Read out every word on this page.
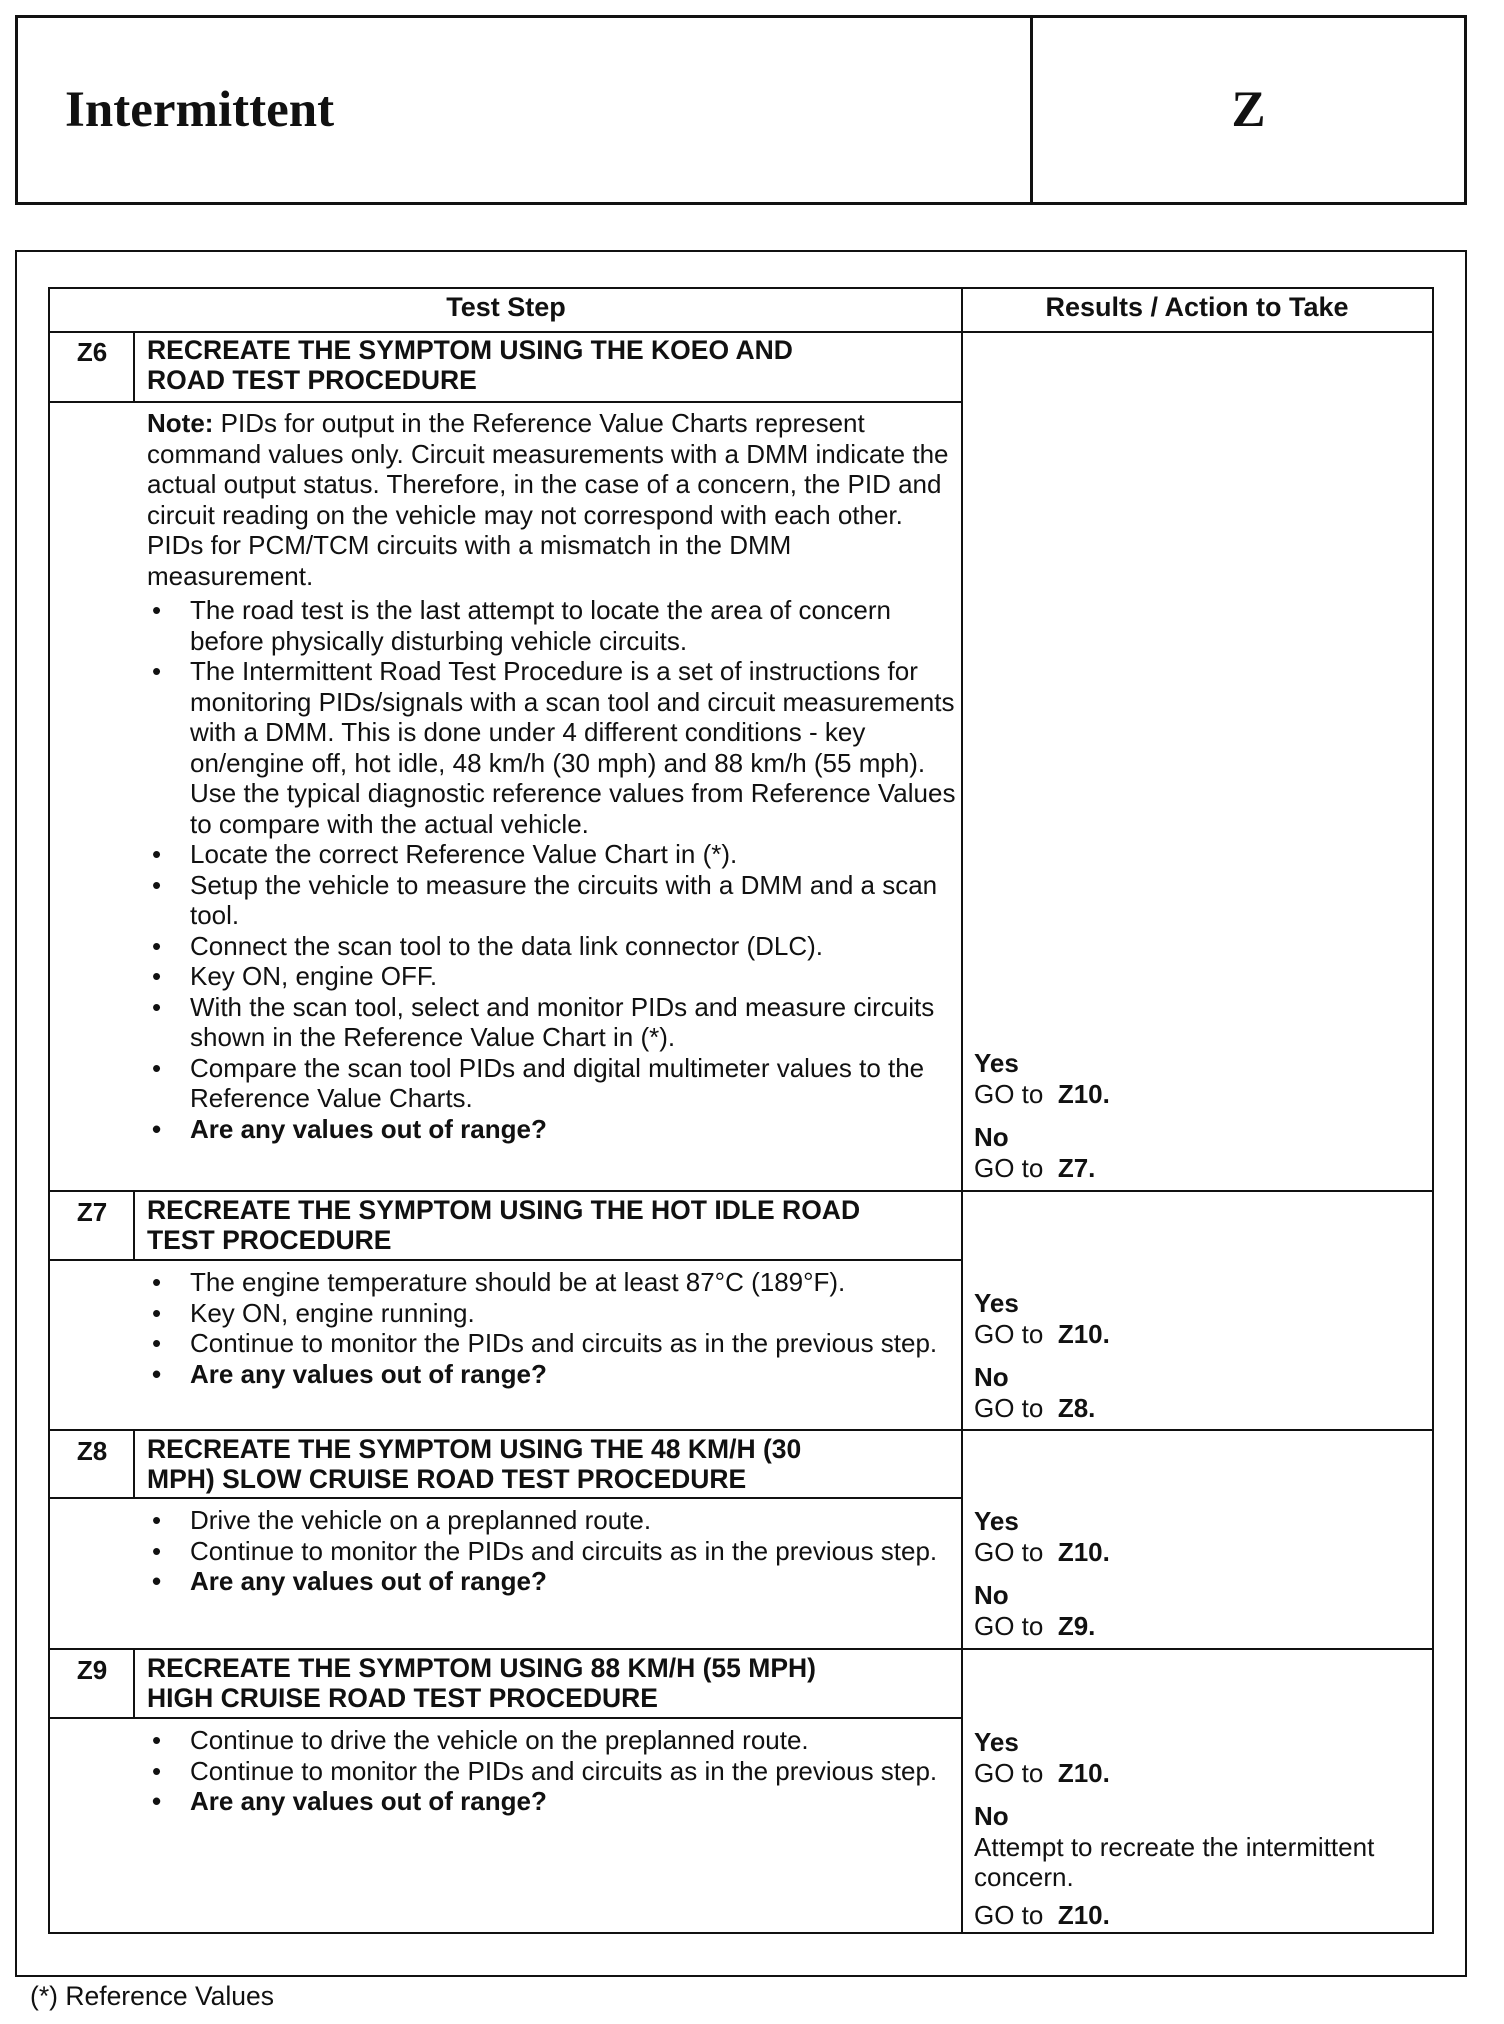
Intermittent	Z
Test Step	Results / Action to Take
Z6	RECREATE THE SYMPTOM USING THE KOEO AND
ROAD TEST PROCEDURE
Note: PIDs for output in the Reference Value Charts represent command values only. Circuit measurements with a DMM indicate the actual output status. Therefore, in the case of a concern, the PID and circuit reading on the vehicle may not correspond with each other. PIDs for PCM/TCM circuits with a mismatch in the DMM measurement.
• The road test is the last attempt to locate the area of concern before physically disturbing vehicle circuits.
• The Intermittent Road Test Procedure is a set of instructions for monitoring PIDs/signals with a scan tool and circuit measurements with a DMM. This is done under 4 different conditions - key on/engine off, hot idle, 48 km/h (30 mph) and 88 km/h (55 mph). Use the typical diagnostic reference values from Reference Values to compare with the actual vehicle.
• Locate the correct Reference Value Chart in (*).
• Setup the vehicle to measure the circuits with a DMM and a scan tool.
• Connect the scan tool to the data link connector (DLC).
• Key ON, engine OFF.
• With the scan tool, select and monitor PIDs and measure circuits shown in the Reference Value Chart in (*).
• Compare the scan tool PIDs and digital multimeter values to the Reference Value Charts.
• Are any values out of range?
Yes
GO to Z10.
No
GO to Z7.
Z7	RECREATE THE SYMPTOM USING THE HOT IDLE ROAD
TEST PROCEDURE
• The engine temperature should be at least 87°C (189°F).
• Key ON, engine running.
• Continue to monitor the PIDs and circuits as in the previous step.
• Are any values out of range?
Yes
GO to Z10.
No
GO to Z8.
Z8	RECREATE THE SYMPTOM USING THE 48 KM/H (30
MPH) SLOW CRUISE ROAD TEST PROCEDURE
• Drive the vehicle on a preplanned route.
• Continue to monitor the PIDs and circuits as in the previous step.
• Are any values out of range?
Yes
GO to Z10.
No
GO to Z9.
Z9	RECREATE THE SYMPTOM USING 88 KM/H (55 MPH)
HIGH CRUISE ROAD TEST PROCEDURE
• Continue to drive the vehicle on the preplanned route.
• Continue to monitor the PIDs and circuits as in the previous step.
• Are any values out of range?
Yes
GO to Z10.
No
Attempt to recreate the intermittent concern.
GO to Z10.
(*) Reference Values
